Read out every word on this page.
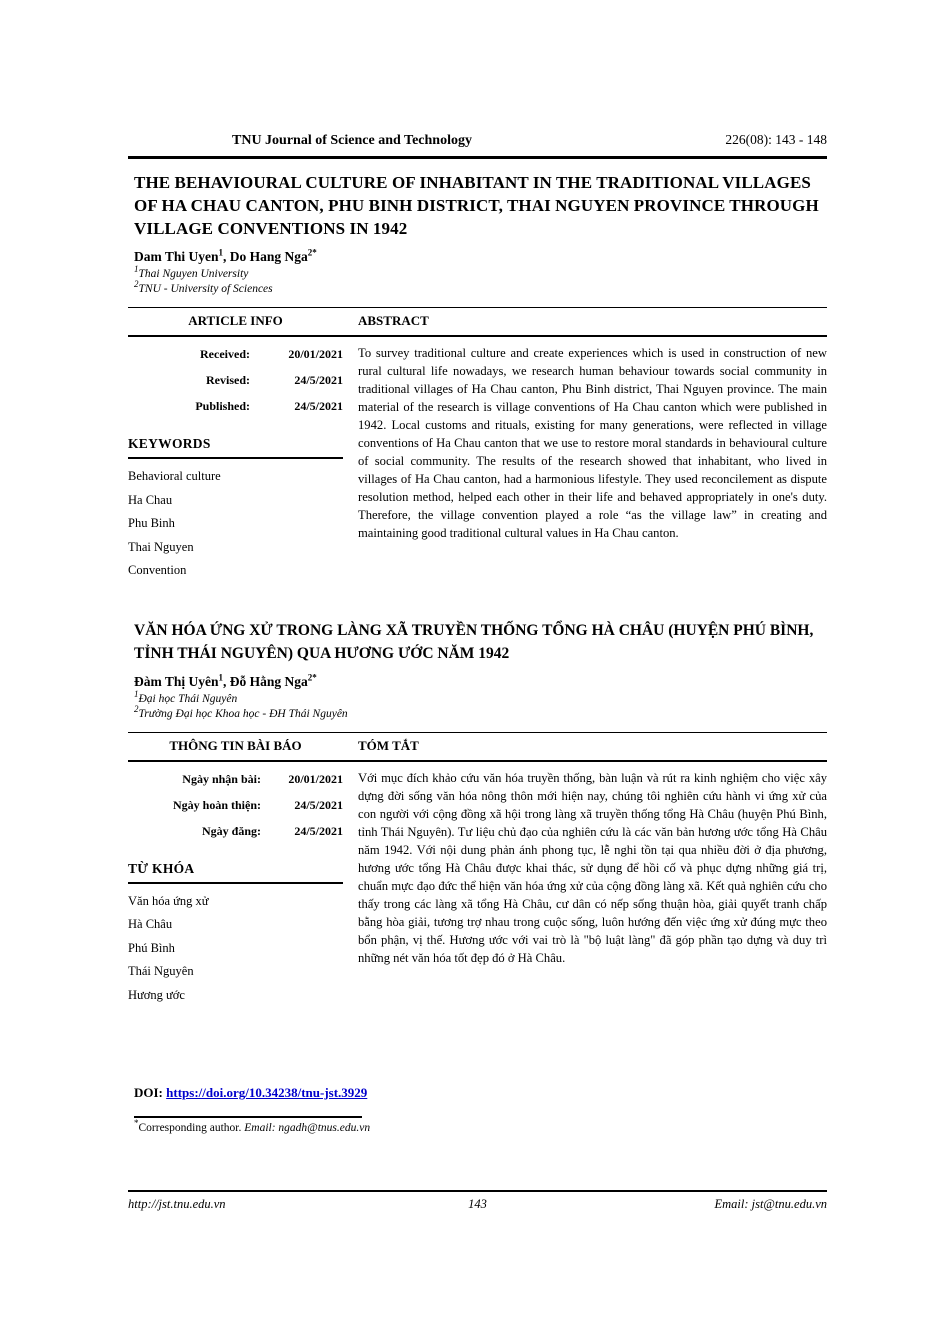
TNU Journal of Science and Technology	226(08): 143 - 148
THE BEHAVIOURAL CULTURE OF INHABITANT IN THE TRADITIONAL VILLAGES OF HA CHAU CANTON, PHU BINH DISTRICT, THAI NGUYEN PROVINCE THROUGH VILLAGE CONVENTIONS IN 1942
Dam Thi Uyen$^1$, Do Hang Nga$^{2*}$
$^1$Thai Nguyen University
$^2$TNU - University of Sciences
ARTICLE INFO	ABSTRACT
Received:	20/01/2021
Revised:	24/5/2021
Published:	24/5/2021
KEYWORDS
Behavioral culture
Ha Chau
Phu Binh
Thai Nguyen
Convention
To survey traditional culture and create experiences which is used in construction of new rural cultural life nowadays, we research human behaviour towards social community in traditional villages of Ha Chau canton, Phu Binh district, Thai Nguyen province. The main material of the research is village conventions of Ha Chau canton which were published in 1942. Local customs and rituals, existing for many generations, were reflected in village conventions of Ha Chau canton that we use to restore moral standards in behavioural culture of social community. The results of the research showed that inhabitant, who lived in villages of Ha Chau canton, had a harmonious lifestyle. They used reconcilement as dispute resolution method, helped each other in their life and behaved appropriately in one's duty. Therefore, the village convention played a role “as the village law” in creating and maintaining good traditional cultural values in Ha Chau canton.
VĂN HÓA ỨNG XỬ TRONG LÀNG XÃ TRUYỀN THỐNG TỔNG HÀ CHÂU (HUYỆN PHÚ BÌNH, TỈNH THÁI NGUYÊN) QUA HƯƠNG ƯỚC NĂM 1942
Đàm Thị Uyên$^1$, Đỗ Hằng Nga$^{2*}$
$^1$Đại học Thái Nguyên
$^2$Trường Đại học Khoa học - ĐH Thái Nguyên
THÔNG TIN BÀI BÁO	TÓM TẮT
Ngày nhận bài:	20/01/2021
Ngày hoàn thiện:	24/5/2021
Ngày đăng:	24/5/2021
TỪ KHÓA
Văn hóa ứng xử
Hà Châu
Phú Bình
Thái Nguyên
Hương ước
Với mục đích khảo cứu văn hóa truyền thống, bàn luận và rút ra kinh nghiệm cho việc xây dựng đời sống văn hóa nông thôn mới hiện nay, chúng tôi nghiên cứu hành vi ứng xử của con người với cộng đồng xã hội trong làng xã truyền thống tổng Hà Châu (huyện Phú Bình, tỉnh Thái Nguyên). Tư liệu chủ đạo của nghiên cứu là các văn bản hương ước tổng Hà Châu năm 1942. Với nội dung phản ánh phong tục, lễ nghi tồn tại qua nhiều đời ở địa phương, hương ước tổng Hà Châu được khai thác, sử dụng để hồi cố và phục dựng những giá trị, chuẩn mực đạo đức thể hiện văn hóa ứng xử của cộng đồng làng xã. Kết quả nghiên cứu cho thấy trong các làng xã tổng Hà Châu, cư dân có nếp sống thuận hòa, giải quyết tranh chấp bằng hòa giải, tương trợ nhau trong cuộc sống, luôn hướng đến việc ứng xử đúng mực theo bổn phận, vị thế. Hương ước với vai trò là "bộ luật làng" đã góp phần tạo dựng và duy trì những nét văn hóa tốt đẹp đó ở Hà Châu.
DOI: https://doi.org/10.34238/tnu-jst.3929
*Corresponding author. Email: ngadh@tnus.edu.vn
http://jst.tnu.edu.vn	143	Email: jst@tnu.edu.vn
